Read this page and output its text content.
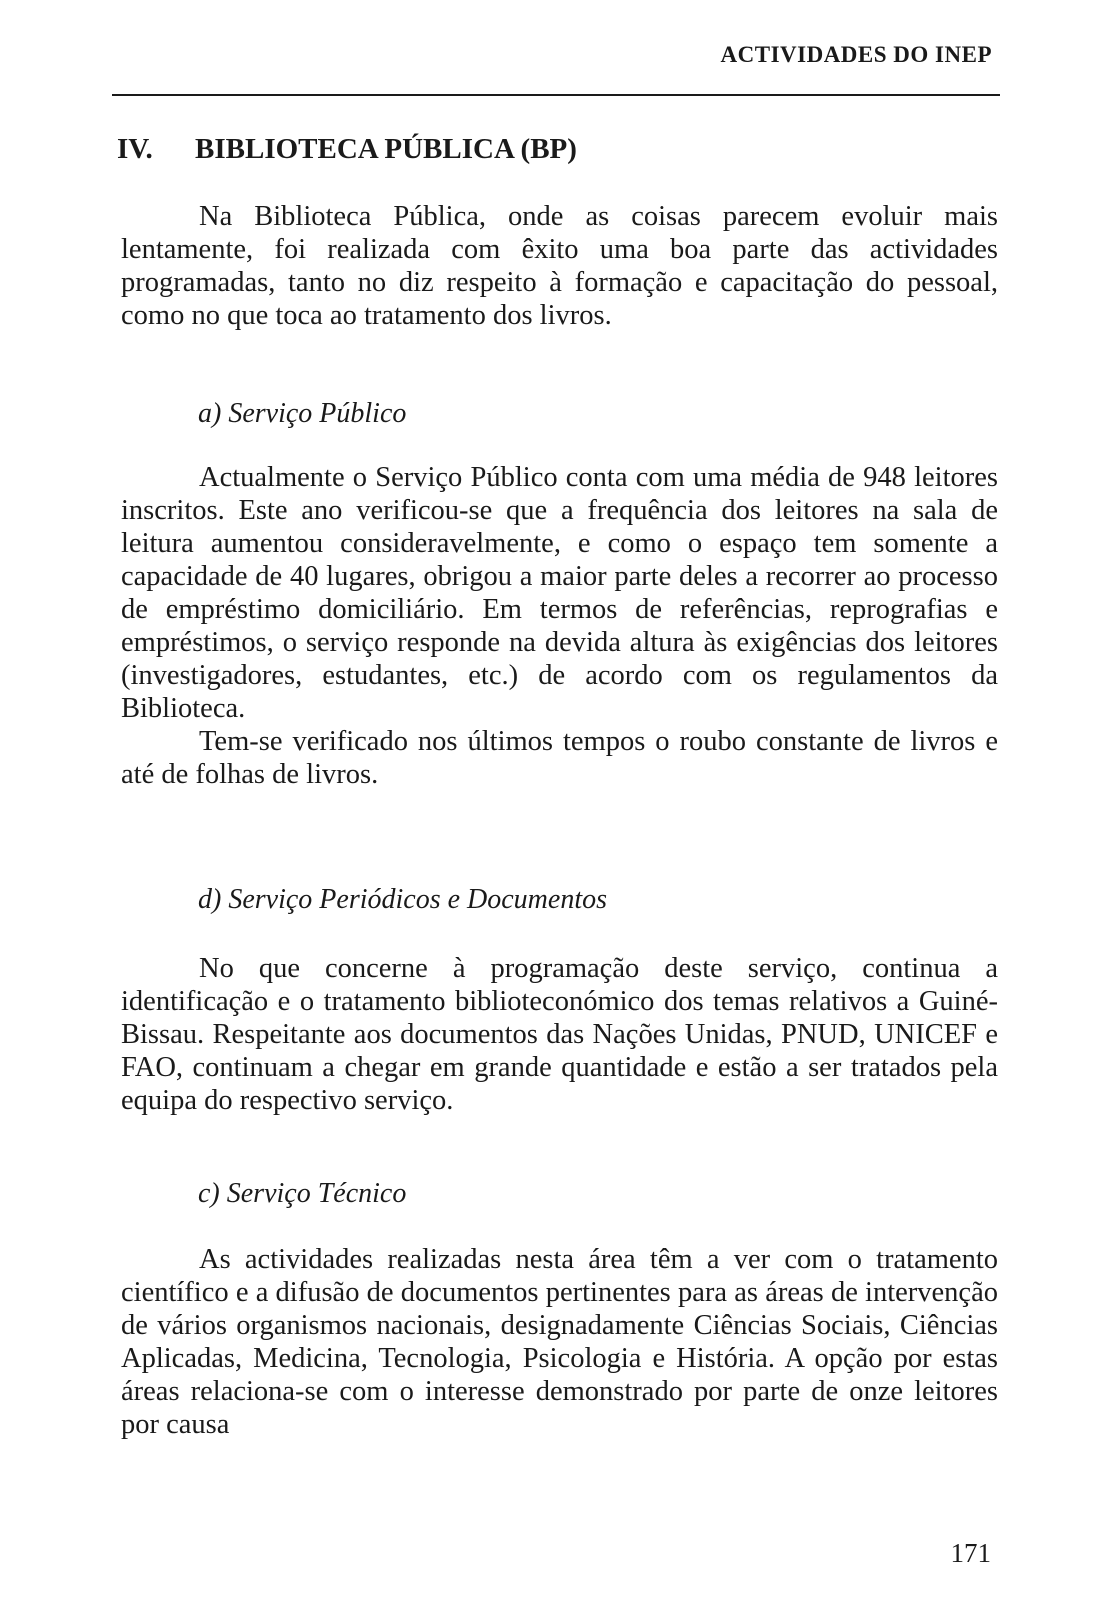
ACTIVIDADES DO INEP
IV. BIBLIOTECA PÚBLICA (BP)

Na Biblioteca Pública, onde as coisas parecem evoluir mais lentamente, foi realizada com êxito uma boa parte das actividades programadas, tanto no diz respeito à formação e capacitação do pessoal, como no que toca ao tratamento dos livros.

a) Serviço Público

Actualmente o Serviço Público conta com uma média de 948 leitores inscritos. Este ano verificou-se que a frequência dos leitores na sala de leitura aumentou consideravelmente, e como o espaço tem somente a capacidade de 40 lugares, obrigou a maior parte deles a recorrer ao processo de empréstimo domiciliário. Em termos de referências, reprografias e empréstimos, o serviço responde na devida altura às exigências dos leitores (investigadores, estudantes, etc.) de acordo com os regulamentos da Biblioteca.

Tem-se verificado nos últimos tempos o roubo constante de livros e até de folhas de livros.

d) Serviço Periódicos e Documentos

No que concerne à programação deste serviço, continua a identificação e o tratamento biblioteconómico dos temas relativos a Guiné-Bissau. Respeitante aos documentos das Nações Unidas, PNUD, UNICEF e FAO, continuam a chegar em grande quantidade e estão a ser tratados pela equipa do respectivo serviço.

c) Serviço Técnico

As actividades realizadas nesta área têm a ver com o tratamento científico e a difusão de documentos pertinentes para as áreas de intervenção de vários organismos nacionais, designadamente Ciências Sociais, Ciências Aplicadas, Medicina, Tecnologia, Psicologia e História. A opção por estas áreas relaciona-se com o interesse demonstrado por parte de onze leitores por causa

171
